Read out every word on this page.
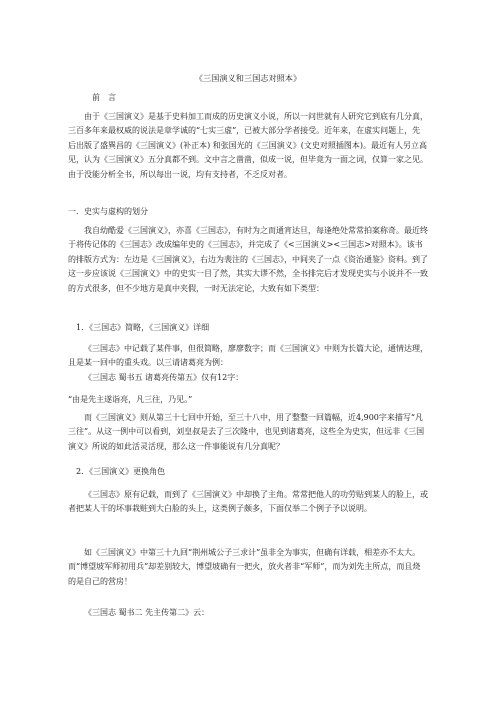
《三国演义和三国志对照本》
前　言
由于《三国演义》是基于史料加工而成的历史演义小说，所以一问世就有人研究它到底有几分真，三百多年来最权威的说法是章学诚的“七实三虚”，已被大部分学者接受。近年来，在虚实问题上，先后出版了盛巽昌的《三国演义》(补正本) 和张国光的《三国演义》(文史对照插图本)。最近有人另立高见，认为《三国演义》五分真都不到。文中言之凿凿，似成一说，但毕竟为一面之词，仅算一家之见。由于没能分析全书，所以每出一说，均有支持者，不乏反对者。
一．史实与虚构的划分
我自幼酷爱《三国演义》，亦喜《三国志》，有时为之而通宵达旦，每逢绝处常常拍案称奇。最近终于将传记体的《三国志》改成编年史的《三国志》，并完成了《<三国演义><三国志>对照本》。该书的排版方式为：左边是《三国演义》，右边为裴注的《三国志》，中间夹了一点《资治通鉴》资料。到了这一步应该说《三国演义》中的史实一目了然，其实大谬不然，全书排完后才发现史实与小说并不一致的方式很多，但不少地方是真中夹假，一时无法定论，大致有如下类型：
1．《三国志》简略，《三国演义》详细
《三国志》中记载了某件事，但很简略，廖廖数字；而《三国演义》中则为长篇大论，通情达理，且是某一回中的重头戏。以三请诸葛亮为例：
《三国志 蜀书五 诸葛亮传第五》仅有12字：
“由是先主遂诣亮，凡三往，乃见。”
而《三国演义》则从第三十七回中开始，至三十八中，用了整整一回篇幅，近4,900字来描写“凡三往”。从这一例中可以看到，刘皇叔是去了三次隆中，也见到诸葛亮，这些全为史实，但远非《三国演义》所说的如此活灵活现，那么这一件事能说有几分真呢？
2．《三国演义》更换角色
《三国志》原有记载，而到了《三国演义》中却换了主角。常常把他人的功劳贴到某人的脸上，或者把某人干的坏事栽赃到大白脸的头上，这类例子颇多，下面仅举二个例子予以说明。
如《三国演义》中第三十九回“荆州城公子三求计”虽非全为事实，但确有详载，相差亦不太大。而“博望坡军师初用兵”却差别较大，博望坡确有一把火，放火者非“军师”，而为刘先主所点，而且烧的是自己的营房！
《三国志 蜀书二 先主传第二》云：
